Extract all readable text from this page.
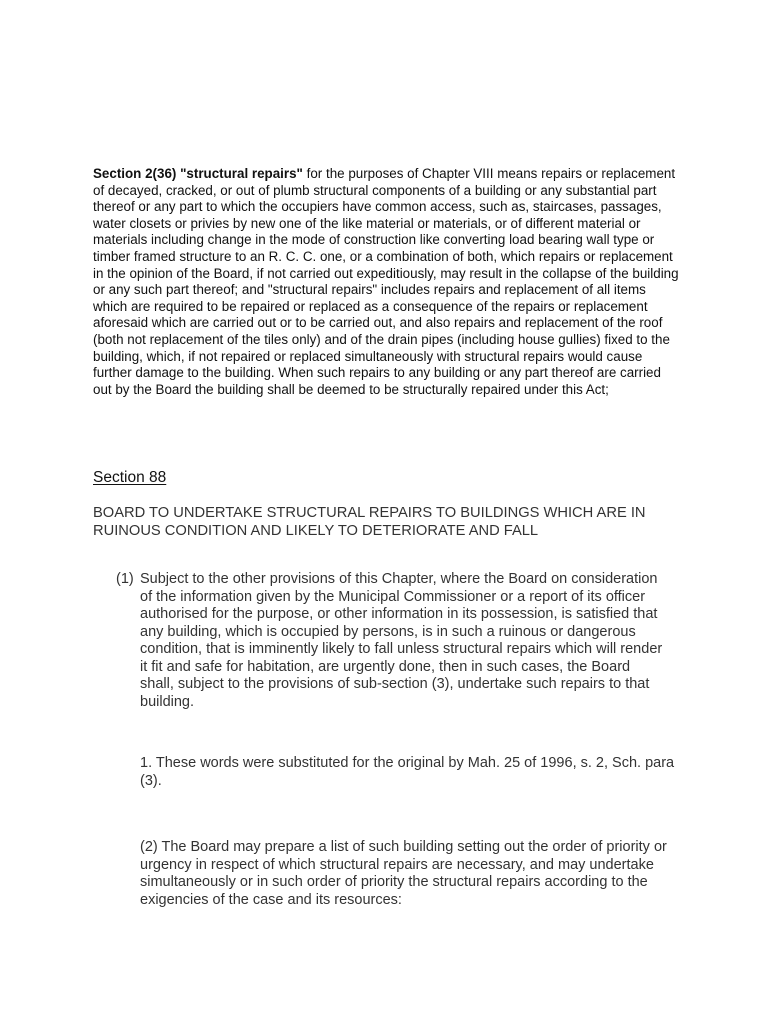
Section 2(36) "structural repairs" for the purposes of Chapter VIII means repairs or replacement of decayed, cracked, or out of plumb structural components of a building or any substantial part thereof or any part to which the occupiers have common access, such as, staircases, passages, water closets or privies by new one of the like material or materials, or of different material or materials including change in the mode of construction like converting load bearing wall type or timber framed structure to an R. C. C. one, or a combination of both, which repairs or replacement in the opinion of the Board, if not carried out expeditiously, may result in the collapse of the building or any such part thereof; and "structural repairs" includes repairs and replacement of all items which are required to be repaired or replaced as a consequence of the repairs or replacement aforesaid which are carried out or to be carried out, and also repairs and replacement of the roof (both not replacement of the tiles only) and of the drain pipes (including house gullies) fixed to the building, which, if not repaired or replaced simultaneously with structural repairs would cause further damage to the building. When such repairs to any building or any part thereof are carried out by the Board the building shall be deemed to be structurally repaired under this Act;

Section 88
BOARD TO UNDERTAKE STRUCTURAL REPAIRS TO BUILDINGS WHICH ARE IN RUINOUS CONDITION AND LIKELY TO DETERIORATE AND FALL
(1) Subject to the other provisions of this Chapter, where the Board on consideration of the information given by the Municipal Commissioner or a report of its officer authorised for the purpose, or other information in its possession, is satisfied that any building, which is occupied by persons, is in such a ruinous or dangerous condition, that is imminently likely to fall unless structural repairs which will render it fit and safe for habitation, are urgently done, then in such cases, the Board shall, subject to the provisions of sub-section (3), undertake such repairs to that building.
1. These words were substituted for the original by Mah. 25 of 1996, s. 2, Sch. para (3).
(2) The Board may prepare a list of such building setting out the order of priority or urgency in respect of which structural repairs are necessary, and may undertake simultaneously or in such order of priority the structural repairs according to the exigencies of the case and its resources:
